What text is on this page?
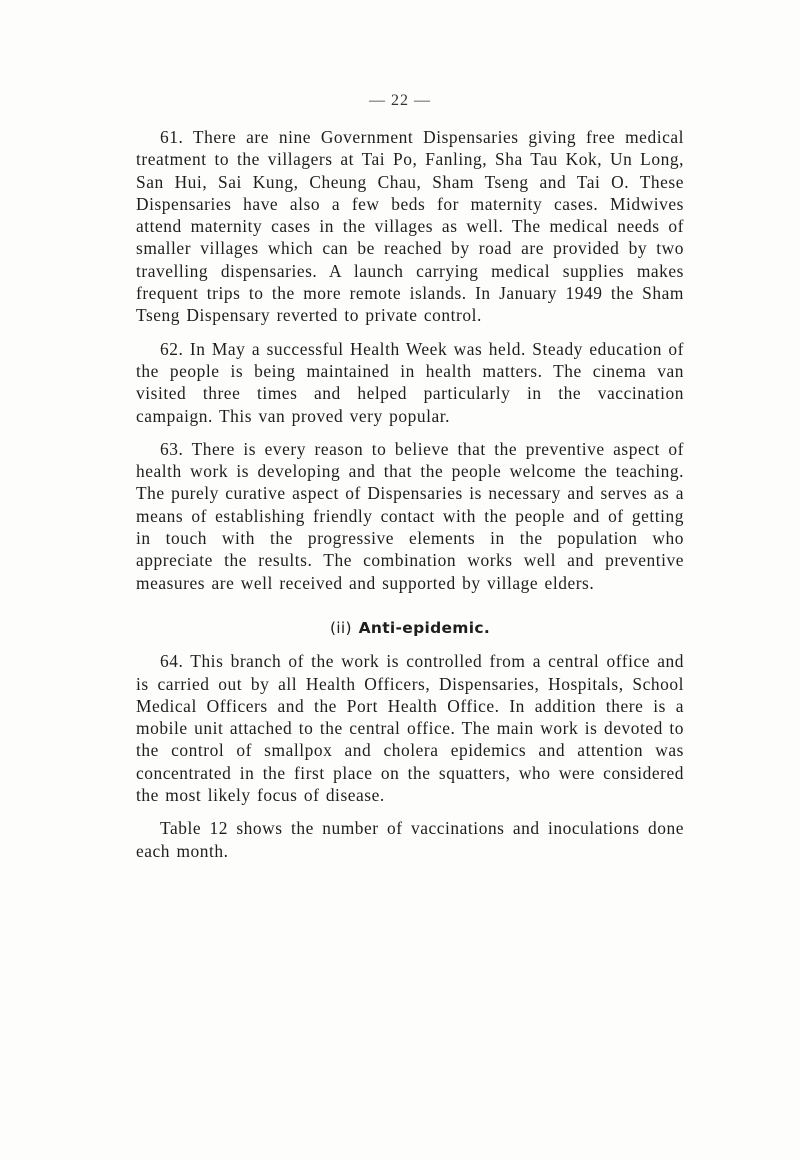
— 22 —

61. There are nine Government Dispensaries giving free medical treatment to the villagers at Tai Po, Fanling, Sha Tau Kok, Un Long, San Hui, Sai Kung, Cheung Chau, Sham Tseng and Tai O. These Dispensaries have also a few beds for maternity cases. Midwives attend maternity cases in the villages as well. The medical needs of smaller villages which can be reached by road are provided by two travelling dispensaries. A launch carrying medical supplies makes frequent trips to the more remote islands. In January 1949 the Sham Tseng Dispensary reverted to private control.

62. In May a successful Health Week was held. Steady education of the people is being maintained in health matters. The cinema van visited three times and helped particularly in the vaccination campaign. This van proved very popular.

63. There is every reason to believe that the preventive aspect of health work is developing and that the people welcome the teaching. The purely curative aspect of Dispensaries is necessary and serves as a means of establishing friendly contact with the people and of getting in touch with the progressive elements in the population who appreciate the results. The combination works well and preventive measures are well received and supported by village elders.

(ii) Anti-epidemic.

64. This branch of the work is controlled from a central office and is carried out by all Health Officers, Dispensaries, Hospitals, School Medical Officers and the Port Health Office. In addition there is a mobile unit attached to the central office. The main work is devoted to the control of smallpox and cholera epidemics and attention was concentrated in the first place on the squatters, who were considered the most likely focus of disease.

Table 12 shows the number of vaccinations and inoculations done each month.
